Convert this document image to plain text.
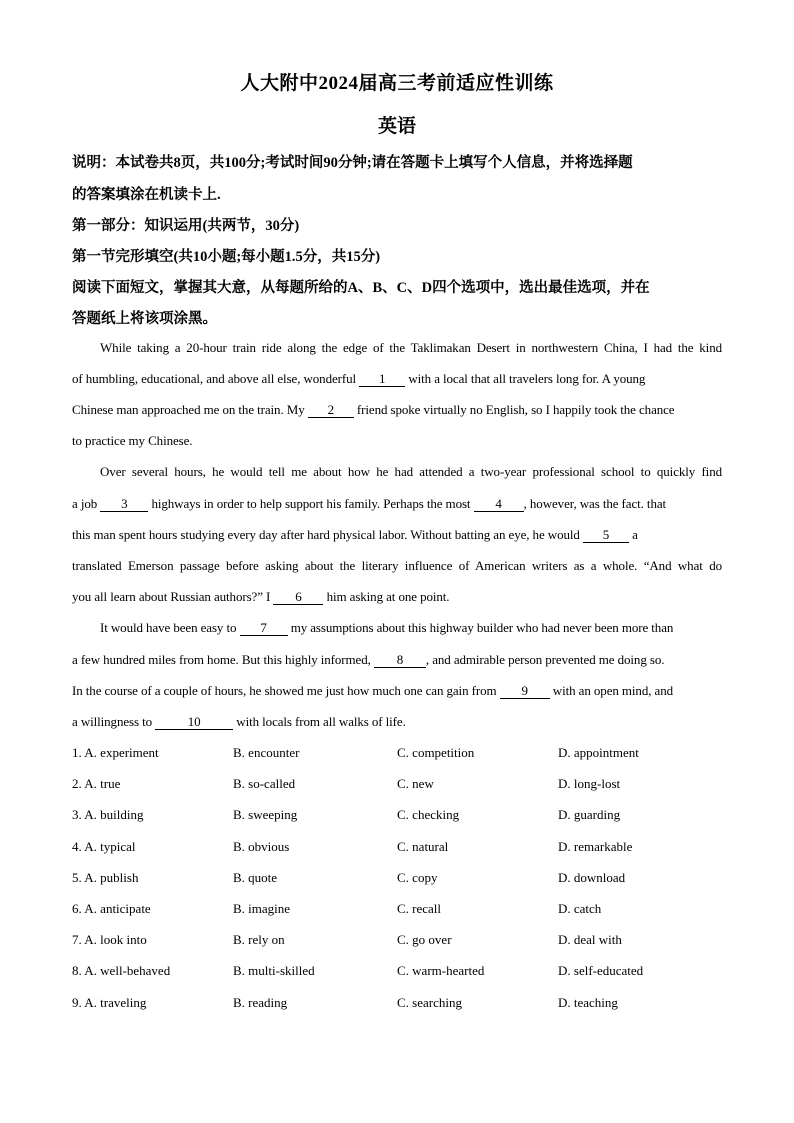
人大附中2024届高三考前适应性训练
英语
说明：本试卷共8页，共100分;考试时间90分钟;请在答题卡上填写个人信息，并将选择题
的答案填涂在机读卡上.
第一部分：知识运用(共两节，30分)
第一节完形填空(共10小题;每小题1.5分，共15分)
阅读下面短文，掌握其大意，从每题所给的A、B、C、D四个选项中，选出最佳选项，并在
答题纸上将该项涂黑。
While taking a 20-hour train ride along the edge of the Taklimakan Desert in northwestern China, I had the kind
of humbling, educational, and above all else, wonderful 1 with a local that all travelers long for. A young
Chinese man approached me on the train. My 2 friend spoke virtually no English, so I happily took the chance
to practice my Chinese.
Over several hours, he would tell me about how he had attended a two-year professional school to quickly find
a job 3 highways in order to help support his family. Perhaps the most 4 , however, was the fact. that
this man spent hours studying every day after hard physical labor. Without batting an eye, he would 5 a
translated Emerson passage before asking about the literary influence of American writers as a whole. “And what do
you all learn about Russian authors?” I 6 him asking at one point.
It would have been easy to 7 my assumptions about this highway builder who had never been more than
a few hundred miles from home. But this highly informed, 8 , and admirable person prevented me doing so.
In the course of a couple of hours, he showed me just how much one can gain from 9 with an open mind, and
a willingness to	10	with locals from all walks of life.
1. A. experiment	B. encounter	C. competition	D. appointment
2. A. true	B. so-called	C. new	D. long-lost
3. A. building	B. sweeping	C. checking	D. guarding
4. A. typical	B. obvious	C. natural	D. remarkable
5. A. publish	B. quote	C. copy	D. download
6. A. anticipate	B. imagine	C. recall	D. catch
7. A. look into	B. rely on	C. go over	D. deal with
8. A. well-behaved	B. multi-skilled	C. warm-hearted	D. self-educated
9. A. traveling	B. reading	C. searching	D. teaching
